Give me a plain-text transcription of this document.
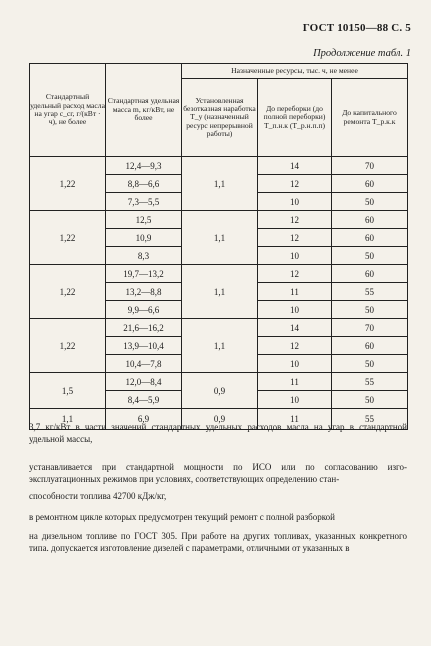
ГОСТ 10150—88 С. 5
Продолжение табл. 1
Стандартный удельный расход масла на угар c_сг, г/(кВт · ч), не более	Стандартная удельная масса m, кг/кВт, не более	Назначенные ресурсы, тыс. ч, не менее		
		Установленная безотказная наработка T_у (назначенный ресурс непрерывной работы)	До переборки (до полной переборки) T_п.н.к (T_р.н.п.п)	До капитального ремонта T_р.к.к
1,22	12,4—9,3	1,1	14	70
	8,8—6,6		12	60
	7,3—5,5		10	50
1,22	12,5	1,1	12	60
	10,9		12	60
	8,3		10	50
1,22	19,7—13,2	1,1	12	60
	13,2—8,8		11	55
	9,9—6,6		10	50
1,22	21,6—16,2	1,1	14	70
	13,9—10,4		12	60
	10,4—7,8		10	50
1,5	12,0—8,4	0,9	11	55
	8,4—5,9		10	50
1,1	6,9	0,9	11	55
3,7 кг/кВт в части значений стандартных удельных расходов масла на угар в стандартной удельной массы,
устанавливается при стандартной мощности по ИСО или по согласованию изго-эксплуатационных режимов при условиях, соответствующих определению стан-
способности топлива 42700 кДж/кг,
в ремонтном цикле которых предусмотрен текущий ремонт с полной разборкой
на дизельном топливе по ГОСТ 305. При работе на других топливах, указанных конкретного типа. допускается изготовление дизелей с параметрами, отличными от указанных в
